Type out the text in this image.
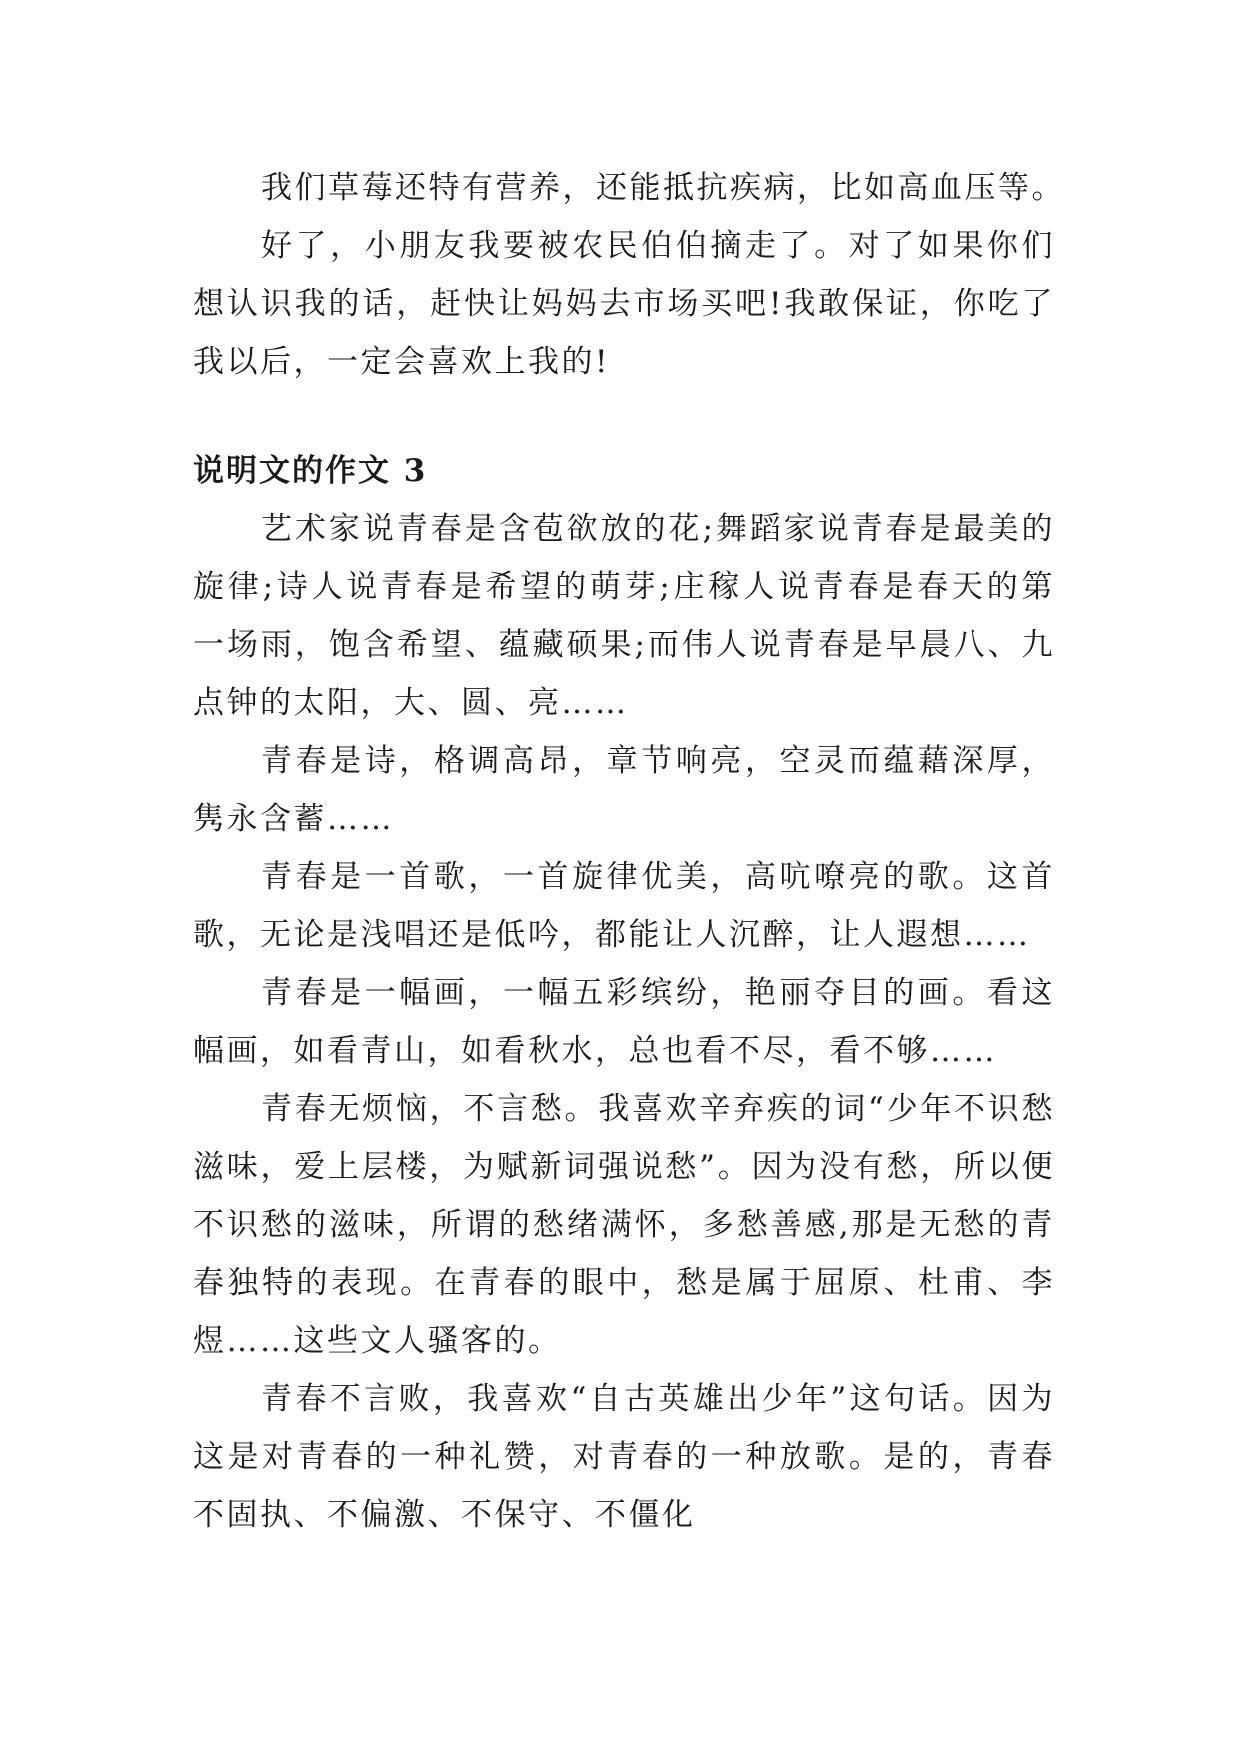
我们草莓还特有营养，还能抵抗疾病，比如高血压等。

好了，小朋友我要被农民伯伯摘走了。对了如果你们想认识我的话，赶快让妈妈去市场买吧!我敢保证，你吃了我以后，一定会喜欢上我的!

说明文的作文 3

艺术家说青春是含苞欲放的花;舞蹈家说青春是最美的旋律;诗人说青春是希望的萌芽;庄稼人说青春是春天的第一场雨，饱含希望、蕴藏硕果;而伟人说青春是早晨八、九点钟的太阳，大、圆、亮……

青春是诗，格调高昂，章节响亮，空灵而蕴藉深厚，隽永含蓄……

青春是一首歌，一首旋律优美，高吭嘹亮的歌。这首歌，无论是浅唱还是低吟，都能让人沉醉，让人遐想……

青春是一幅画，一幅五彩缤纷，艳丽夺目的画。看这幅画，如看青山，如看秋水，总也看不尽，看不够……

青春无烦恼，不言愁。我喜欢辛弃疾的词“少年不识愁滋味，爱上层楼，为赋新词强说愁”。因为没有愁，所以便不识愁的滋味，所谓的愁绪满怀，多愁善感,那是无愁的青春独特的表现。在青春的眼中，愁是属于屈原、杜甫、李煜……这些文人骚客的。

青春不言败，我喜欢“自古英雄出少年”这句话。因为这是对青春的一种礼赞，对青春的一种放歌。是的，青春不固执、不偏激、不保守、不僵化
